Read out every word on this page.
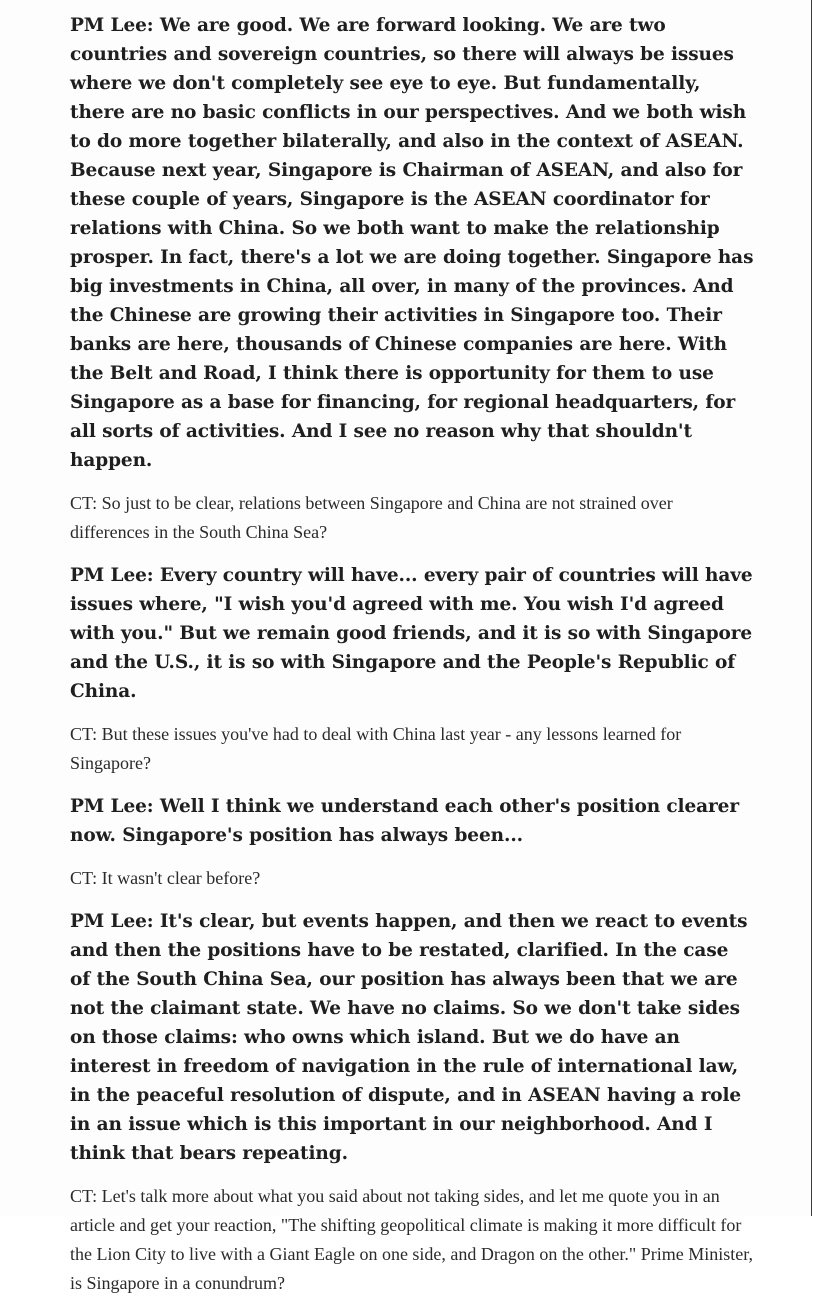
PM Lee: We are good. We are forward looking. We are two countries and sovereign countries, so there will always be issues where we don't completely see eye to eye. But fundamentally, there are no basic conflicts in our perspectives. And we both wish to do more together bilaterally, and also in the context of ASEAN. Because next year, Singapore is Chairman of ASEAN, and also for these couple of years, Singapore is the ASEAN coordinator for relations with China. So we both want to make the relationship prosper. In fact, there's a lot we are doing together. Singapore has big investments in China, all over, in many of the provinces. And the Chinese are growing their activities in Singapore too. Their banks are here, thousands of Chinese companies are here. With the Belt and Road, I think there is opportunity for them to use Singapore as a base for financing, for regional headquarters, for all sorts of activities. And I see no reason why that shouldn't happen.

CT: So just to be clear, relations between Singapore and China are not strained over differences in the South China Sea?

PM Lee: Every country will have... every pair of countries will have issues where, "I wish you'd agreed with me. You wish I'd agreed with you." But we remain good friends, and it is so with Singapore and the U.S., it is so with Singapore and the People's Republic of China.

CT: But these issues you've had to deal with China last year - any lessons learned for Singapore?

PM Lee: Well I think we understand each other's position clearer now. Singapore's position has always been...

CT: It wasn't clear before?

PM Lee: It's clear, but events happen, and then we react to events and then the positions have to be restated, clarified. In the case of the South China Sea, our position has always been that we are not the claimant state. We have no claims. So we don't take sides on those claims: who owns which island. But we do have an interest in freedom of navigation in the rule of international law, in the peaceful resolution of dispute, and in ASEAN having a role in an issue which is this important in our neighborhood. And I think that bears repeating.

CT: Let's talk more about what you said about not taking sides, and let me quote you in an article and get your reaction, "The shifting geopolitical climate is making it more difficult for the Lion City to live with a Giant Eagle on one side, and Dragon on the other." Prime Minister, is Singapore in a conundrum?
